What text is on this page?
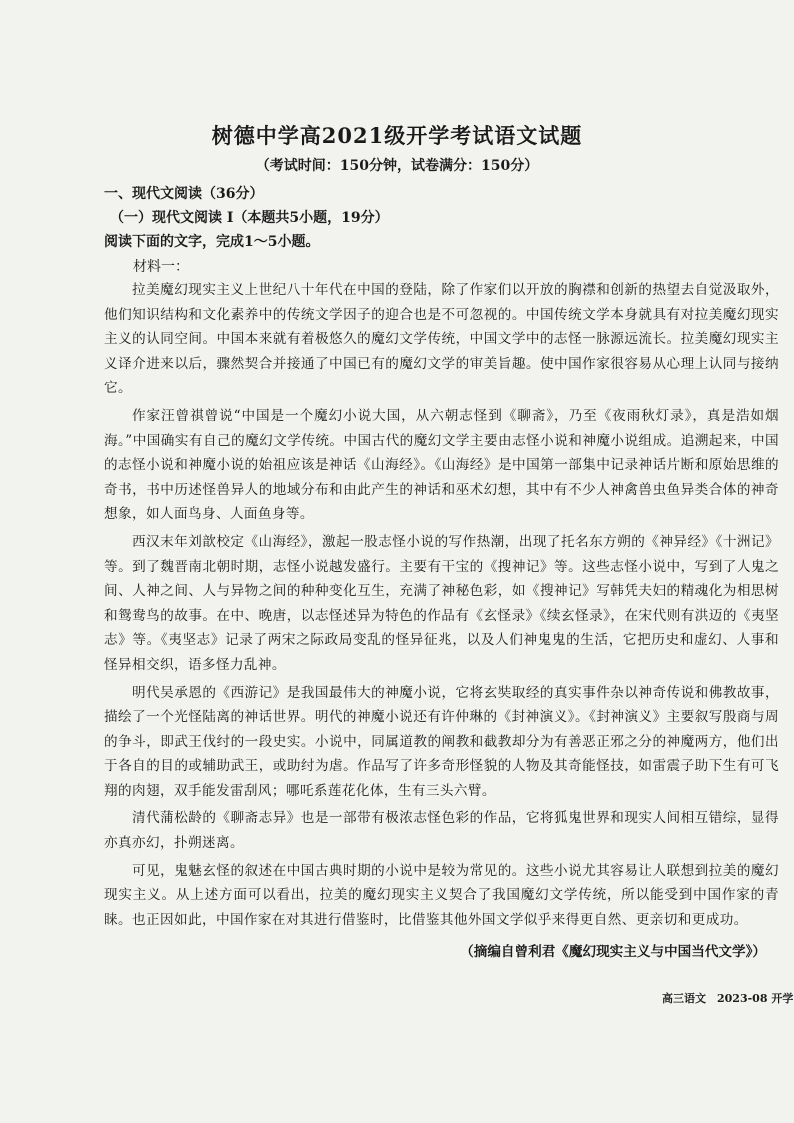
树德中学高2021级开学考试语文试题
（考试时间：150分钟，试卷满分：150分）
一、现代文阅读（36分）
（一）现代文阅读 I（本题共5小题，19分）
阅读下面的文字，完成1～5小题。
材料一：

拉美魔幻现实主义上世纪八十年代在中国的登陆，除了作家们以开放的胸襟和创新的热望去自觉汲取外，他们知识结构和文化素养中的传统文学因子的迎合也是不可忽视的。中国传统文学本身就具有对拉美魔幻现实主义的认同空间。中国本来就有着极悠久的魔幻文学传统，中国文学中的志怪一脉源远流长。拉美魔幻现实主义译介进来以后，骤然契合并接通了中国已有的魔幻文学的审美旨趣。使中国作家很容易从心理上认同与接纳它。

作家汪曾祺曾说“中国是一个魔幻小说大国，从六朝志怪到《聊斋》，乃至《夜雨秋灯录》，真是浩如烟海。”中国确实有自己的魔幻文学传统。中国古代的魔幻文学主要由志怪小说和神魔小说组成。追溯起来，中国的志怪小说和神魔小说的始祖应该是神话《山海经》。《山海经》是中国第一部集中记录神话片断和原始思维的奇书，书中历述怪兽异人的地域分布和由此产生的神话和巫术幻想，其中有不少人神禽兽虫鱼异类合体的神奇想象，如人面鸟身、人面鱼身等。

西汉末年刘歆校定《山海经》，激起一股志怪小说的写作热潮，出现了托名东方朔的《神异经》《十洲记》等。到了魏晋南北朝时期，志怪小说越发盛行。主要有干宝的《搜神记》等。这些志怪小说中，写到了人鬼之间、人神之间、人与异物之间的种种变化互生，充满了神秘色彩，如《搜神记》写韩凭夫妇的精魂化为相思树和鸳鸯鸟的故事。在中、晚唐，以志怪述异为特色的作品有《玄怪录》《续玄怪录》，在宋代则有洪迈的《夷坚志》等。《夷坚志》记录了两宋之际政局变乱的怪异征兆，以及人们神鬼鬼的生活，它把历史和虚幻、人事和怪异相交织，语多怪力乱神。

明代吴承恩的《西游记》是我国最伟大的神魔小说，它将玄奘取经的真实事件杂以神奇传说和佛教故事，描绘了一个光怪陆离的神话世界。明代的神魔小说还有许仲琳的《封神演义》。《封神演义》主要叙写殷商与周的争斗，即武王伐纣的一段史实。小说中，同属道教的阐教和截教却分为有善恶正邪之分的神魔两方，他们出于各自的目的或辅助武王，或助纣为虐。作品写了许多奇形怪貌的人物及其奇能怪技，如雷震子助下生有可飞翔的肉翅，双手能发雷刮风；哪吒系莲花化体，生有三头六臂。

清代蒲松龄的《聊斋志异》也是一部带有极浓志怪色彩的作品，它将狐鬼世界和现实人间相互错综，显得亦真亦幻，扑朔迷离。

可见，鬼魅玄怪的叙述在中国古典时期的小说中是较为常见的。这些小说尤其容易让人联想到拉美的魔幻现实主义。从上述方面可以看出，拉美的魔幻现实主义契合了我国魔幻文学传统，所以能受到中国作家的青睐。也正因如此，中国作家在对其进行借鉴时，比借鉴其他外国文学似乎来得更自然、更亲切和更成功。

（摘编自曾利君《魔幻现实主义与中国当代文学》）
高三语文　2023-08 开学
